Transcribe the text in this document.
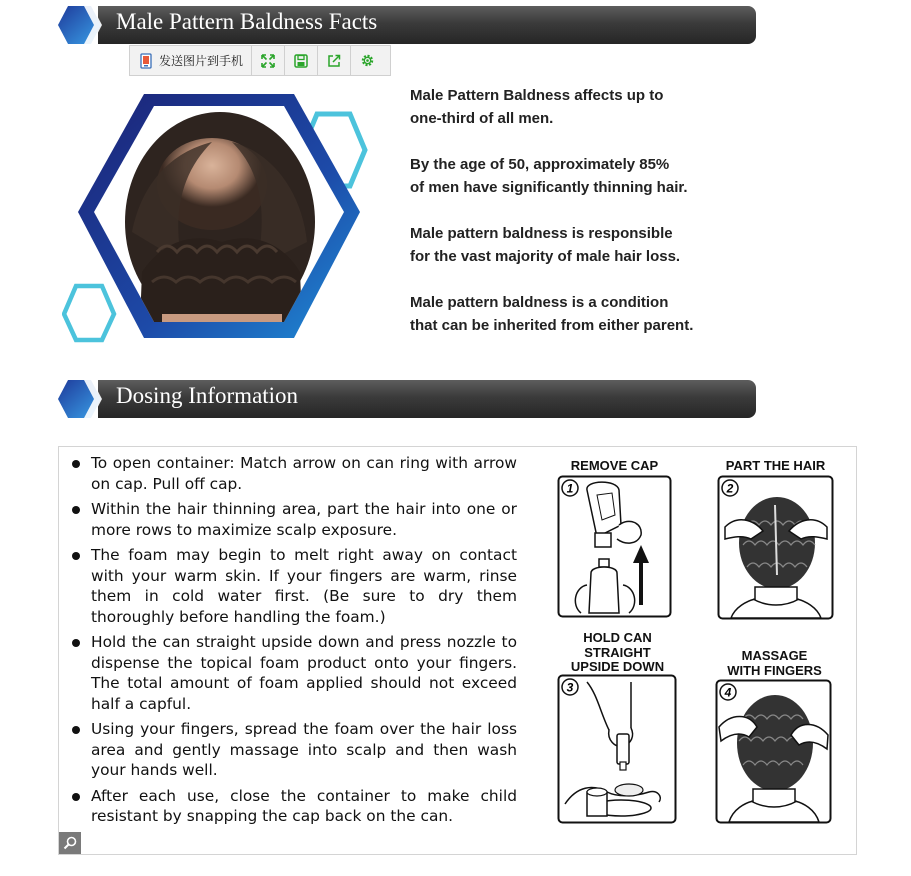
Male Pattern Baldness Facts
发送图片到手机

Male Pattern Baldness affects up to
one-third of all men.

By the age of 50, approximately 85%
of men have significantly thinning hair.

Male pattern baldness is responsible
for the vast majority of male hair loss.

Male pattern baldness is a condition
that can be inherited from either parent.

Dosing Information
To open container: Match arrow on can ring with arrow on cap. Pull off cap.
Within the hair thinning area, part the hair into one or more rows to maximize scalp exposure.
The foam may begin to melt right away on contact with your warm skin. If your fingers are warm, rinse them in cold water first. (Be sure to dry them thoroughly before handling the foam.)
Hold the can straight upside down and press nozzle to dispense the topical foam product onto your fingers. The total amount of foam applied should not exceed half a capful.
Using your fingers, spread the foam over the hair loss area and gently massage into scalp and then wash your hands well.
After each use, close the container to make child resistant by snapping the cap back on the can.
REMOVE CAP
1
PART THE HAIR
2
HOLD CAN
STRAIGHT
UPSIDE DOWN
3
MASSAGE
WITH FINGERS
4
